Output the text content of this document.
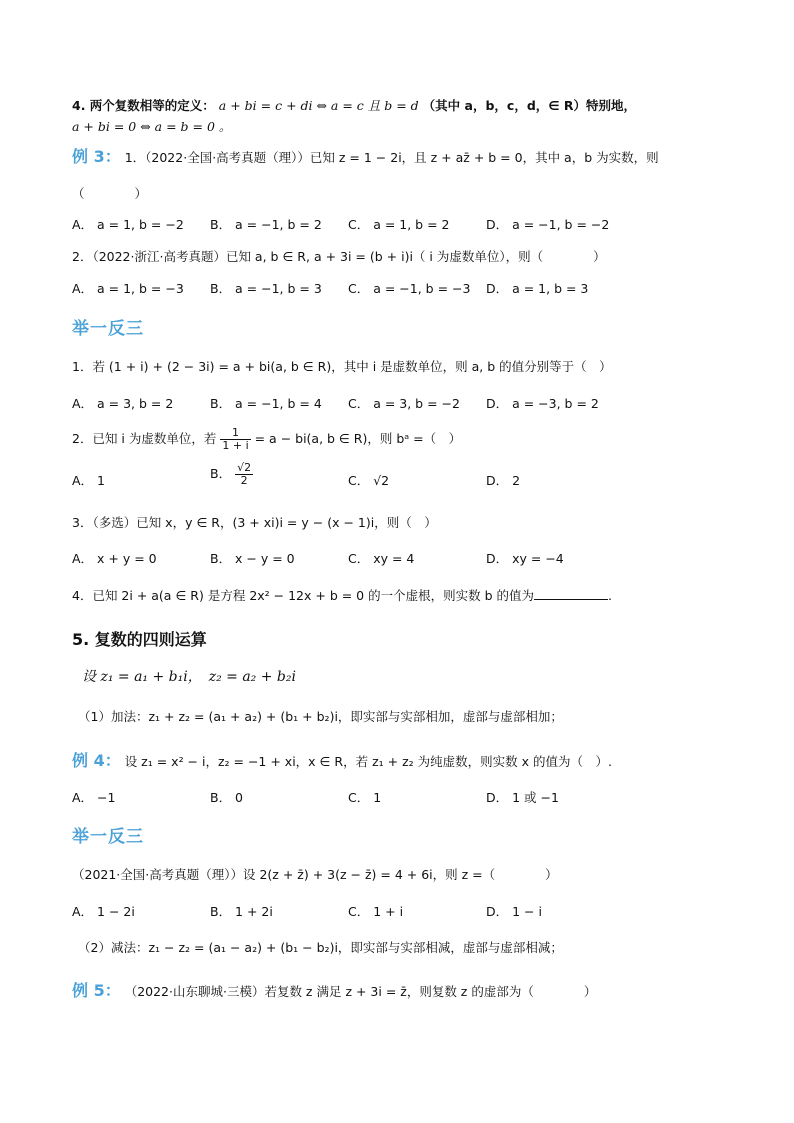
4. 两个复数相等的定义： a + bi = c + di ⇔ a = c 且 b = d （其中 a，b，c，d，∈ R）特别地，
a + bi = 0 ⇔ a = b = 0 。
例 3： 1．（2022·全国·高考真题（理））已知 z = 1 − 2i，且 z + az̄ + b = 0，其中 a，b 为实数，则
（　　　　）
A． a = 1, b = −2 B． a = −1, b = 2 C． a = 1, b = 2	D． a = −1, b = −2
2．（2022·浙江·高考真题）已知 a, b ∈ R, a + 3i = (b + i)i（ i 为虚数单位），则（　　　　）
A． a = 1, b = −3 B． a = −1, b = 3 C． a = −1, b = −3 D． a = 1, b = 3
举一反三
1．若 (1 + i) + (2 − 3i) = a + bi(a, b ∈ R)，其中 i 是虚数单位，则 a, b 的值分别等于（　）
A． a = 3, b = 2	B． a = −1, b = 4 C． a = 3, b = −2 D． a = −3, b = 2
2．已知 i 为虚数单位，若 $\frac{1}{1 + i} = a - bi(a$, b ∈ R)，则 bᵃ =（　）
A． 1	B． $\frac{√2}{2}$	C． √2	D． 2
3．（多选）已知 x，y ∈ R，(3 + xi)i = y − (x − 1)i，则（　）
A． x + y = 0	B． x − y = 0	C． xy = 4	D． xy = −4
4．已知 2i + a(a ∈ R) 是方程 2x² − 12x + b = 0 的一个虚根，则实数 b 的值为	.
5. 复数的四则运算
设 z₁ = a₁ + b₁i，　z₂ = a₂ + b₂i
（1）加法：z₁ + z₂ = (a₁ + a₂) + (b₁ + b₂)i，即实部与实部相加，虚部与虚部相加；
例 4： 设 z₁ = x² − i，z₂ = −1 + xi，x ∈ R，若 z₁ + z₂ 为纯虚数，则实数 x 的值为（　）.
A． −1	B． 0	C． 1	D． 1 或 −1
举一反三
（2021·全国·高考真题（理））设 2(z + z̄) + 3(z − z̄) = 4 + 6i，则 z =（　　　　）
A． 1 − 2i	B． 1 + 2i	C． 1 + i	D． 1 − i
（2）减法：z₁ − z₂ = (a₁ − a₂) + (b₁ − b₂)i，即实部与实部相减，虚部与虚部相减；
例 5： （2022·山东聊城·三模）若复数 z 满足 z + 3i = z̄，则复数 z 的虚部为（　　　　）
